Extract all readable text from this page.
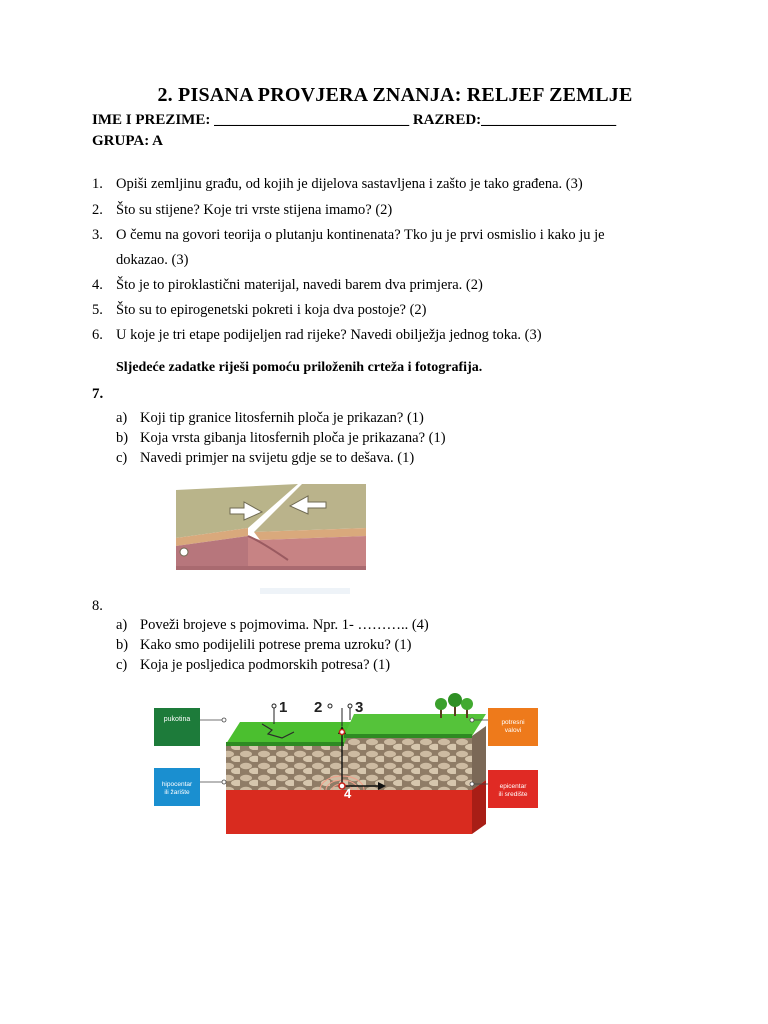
2. PISANA PROVJERA ZNANJA: RELJEF ZEMLJE
IME I PREZIME: __________________________ RAZRED:__________________
GRUPA: A
1. Opiši zemljinu građu, od kojih je dijelova sastavljena i zašto je tako građena. (3)
2. Što su stijene? Koje tri vrste stijena imamo? (2)
3. O čemu na govori teorija o plutanju kontinenata? Tko ju je prvi osmislio i kako ju je
dokazao. (3)
4. Što je to piroklastični materijal, navedi barem dva primjera. (2)
5. Što su to epirogenetski pokreti i koja dva postoje? (2)
6. U koje je tri etape podijeljen rad rijeke? Navedi obilježja jednog toka. (3)
Sljedeće zadatke riješi pomoću priloženih crteža i fotografija.
7.
a) Koji tip granice litosfernih ploča je prikazan? (1)
b) Koja vrsta gibanja litosfernih ploča je prikazana? (1)
c) Navedi primjer na svijetu gdje se to dešava. (1)
8.
a) Poveži brojeve s pojmovima. Npr. 1- ……….. (4)
b) Kako smo podijelili potrese prema uzroku? (1)
c) Koja je posljedica podmorskih potresa? (1)
1 2 3
4
pukotina
hipocentar
ili žarište
potresni
valovi
epicentar
ili središte
